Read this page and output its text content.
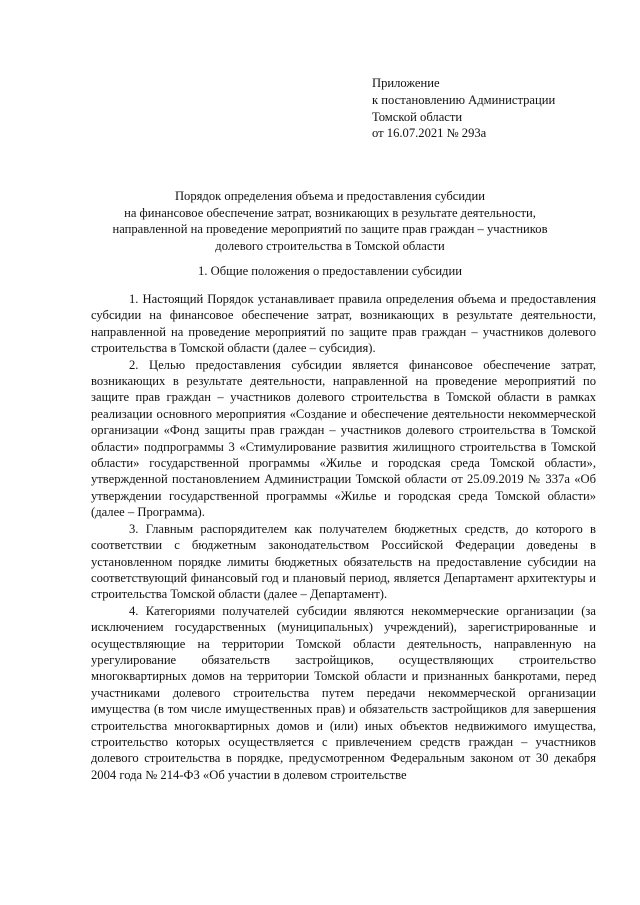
Приложение
к постановлению Администрации
Томской области
от 16.07.2021 № 293а
Порядок определения объема и предоставления субсидии
на финансовое обеспечение затрат, возникающих в результате деятельности,
направленной на проведение мероприятий по защите прав граждан – участников
долевого строительства в Томской области
1. Общие положения о предоставлении субсидии

1. Настоящий Порядок устанавливает правила определения объема и предоставления субсидии на финансовое обеспечение затрат, возникающих в результате деятельности, направленной на проведение мероприятий по защите прав граждан – участников долевого строительства в Томской области (далее – субсидия).

2. Целью предоставления субсидии является финансовое обеспечение затрат, возникающих в результате деятельности, направленной на проведение мероприятий по защите прав граждан – участников долевого строительства в Томской области в рамках реализации основного мероприятия «Создание и обеспечение деятельности некоммерческой организации «Фонд защиты прав граждан – участников долевого строительства в Томской области» подпрограммы 3 «Стимулирование развития жилищного строительства в Томской области» государственной программы «Жилье и городская среда Томской области», утвержденной постановлением Администрации Томской области от 25.09.2019 № 337а «Об утверждении государственной программы «Жилье и городская среда Томской области» (далее – Программа).

3. Главным распорядителем как получателем бюджетных средств, до которого в соответствии с бюджетным законодательством Российской Федерации доведены в установленном порядке лимиты бюджетных обязательств на предоставление субсидии на соответствующий финансовый год и плановый период, является Департамент архитектуры и строительства Томской области (далее – Департамент).

4. Категориями получателей субсидии являются некоммерческие организации (за исключением государственных (муниципальных) учреждений), зарегистрированные и осуществляющие на территории Томской области деятельность, направленную на урегулирование обязательств застройщиков, осуществляющих строительство многоквартирных домов на территории Томской области и признанных банкротами, перед участниками долевого строительства путем передачи некоммерческой организации имущества (в том числе имущественных прав) и обязательств застройщиков для завершения строительства многоквартирных домов и (или) иных объектов недвижимого имущества, строительство которых осуществляется с привлечением средств граждан – участников долевого строительства в порядке, предусмотренном Федеральным законом от 30 декабря 2004 года № 214-ФЗ «Об участии в долевом строительстве
